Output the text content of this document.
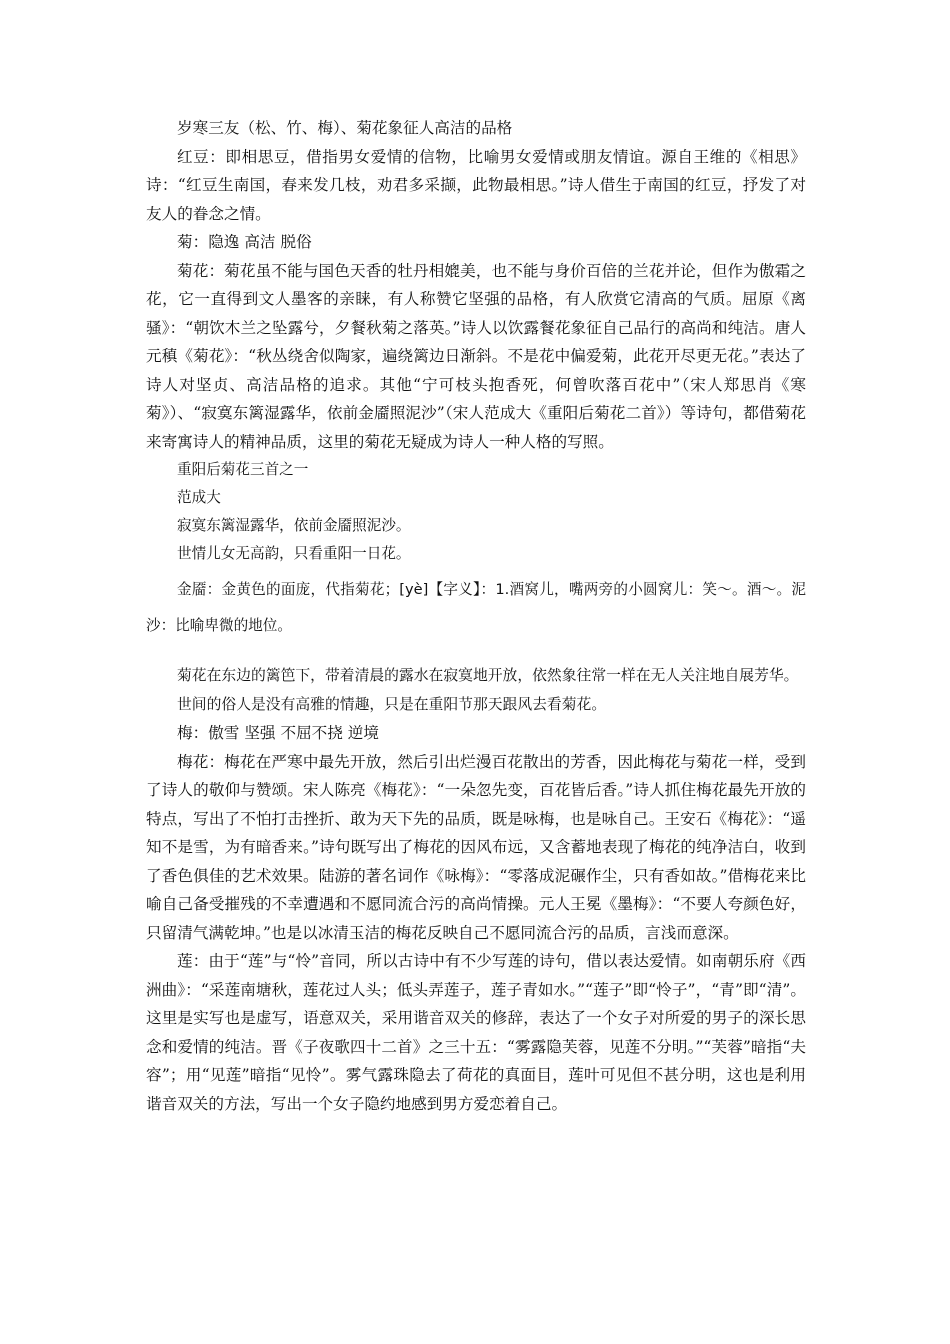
岁寒三友（松、竹、梅）、菊花象征人高洁的品格

红豆：即相思豆，借指男女爱情的信物，比喻男女爱情或朋友情谊。源自王维的《相思》诗：“红豆生南国，春来发几枝，劝君多采撷，此物最相思。”诗人借生于南国的红豆，抒发了对友人的眷念之情。

菊：隐逸 高洁 脱俗

菊花：菊花虽不能与国色天香的牡丹相媲美，也不能与身价百倍的兰花并论，但作为傲霜之花，它一直得到文人墨客的亲睐，有人称赞它坚强的品格，有人欣赏它清高的气质。屈原《离骚》：“朝饮木兰之坠露兮，夕餐秋菊之落英。”诗人以饮露餐花象征自己品行的高尚和纯洁。唐人元稹《菊花》：“秋丛绕舍似陶家，遍绕篱边日渐斜。不是花中偏爱菊，此花开尽更无花。”表达了诗人对坚贞、高洁品格的追求。其他“宁可枝头抱香死，何曾吹落百花中”（宋人郑思肖《寒菊》）、“寂寞东篱湿露华，依前金靥照泥沙”（宋人范成大《重阳后菊花二首》）等诗句，都借菊花来寄寓诗人的精神品质，这里的菊花无疑成为诗人一种人格的写照。

重阳后菊花三首之一

范成大

寂寞东篱湿露华，依前金靥照泥沙。

世情儿女无高韵，只看重阳一日花。

金靥：金黄色的面庞，代指菊花；[yè]【字义】：1.酒窝儿，嘴两旁的小圆窝儿：笑～。酒～。泥沙：比喻卑微的地位。

菊花在东边的篱笆下，带着清晨的露水在寂寞地开放，依然象往常一样在无人关注地自展芳华。

世间的俗人是没有高雅的情趣，只是在重阳节那天跟风去看菊花。

梅：傲雪 坚强 不屈不挠 逆境

梅花：梅花在严寒中最先开放，然后引出烂漫百花散出的芳香，因此梅花与菊花一样，受到了诗人的敬仰与赞颂。宋人陈亮《梅花》：“一朵忽先变，百花皆后香。”诗人抓住梅花最先开放的特点，写出了不怕打击挫折、敢为天下先的品质，既是咏梅，也是咏自己。王安石《梅花》：“遥知不是雪，为有暗香来。”诗句既写出了梅花的因风布远，又含蓄地表现了梅花的纯净洁白，收到了香色俱佳的艺术效果。陆游的著名词作《咏梅》：“零落成泥碾作尘，只有香如故。”借梅花来比喻自己备受摧残的不幸遭遇和不愿同流合污的高尚情操。元人王冕《墨梅》：“不要人夸颜色好，只留清气满乾坤。”也是以冰清玉洁的梅花反映自己不愿同流合污的品质，言浅而意深。

莲：由于“莲”与“怜”音同，所以古诗中有不少写莲的诗句，借以表达爱情。如南朝乐府《西洲曲》：“采莲南塘秋，莲花过人头；低头弄莲子，莲子青如水。”“莲子”即“怜子”，“青”即“清”。这里是实写也是虚写，语意双关，采用谐音双关的修辞，表达了一个女子对所爱的男子的深长思念和爱情的纯洁。晋《子夜歌四十二首》之三十五：“雾露隐芙蓉，见莲不分明。”“芙蓉”暗指“夫容”；用“见莲”暗指“见怜”。雾气露珠隐去了荷花的真面目，莲叶可见但不甚分明，这也是利用谐音双关的方法，写出一个女子隐约地感到男方爱恋着自己。
